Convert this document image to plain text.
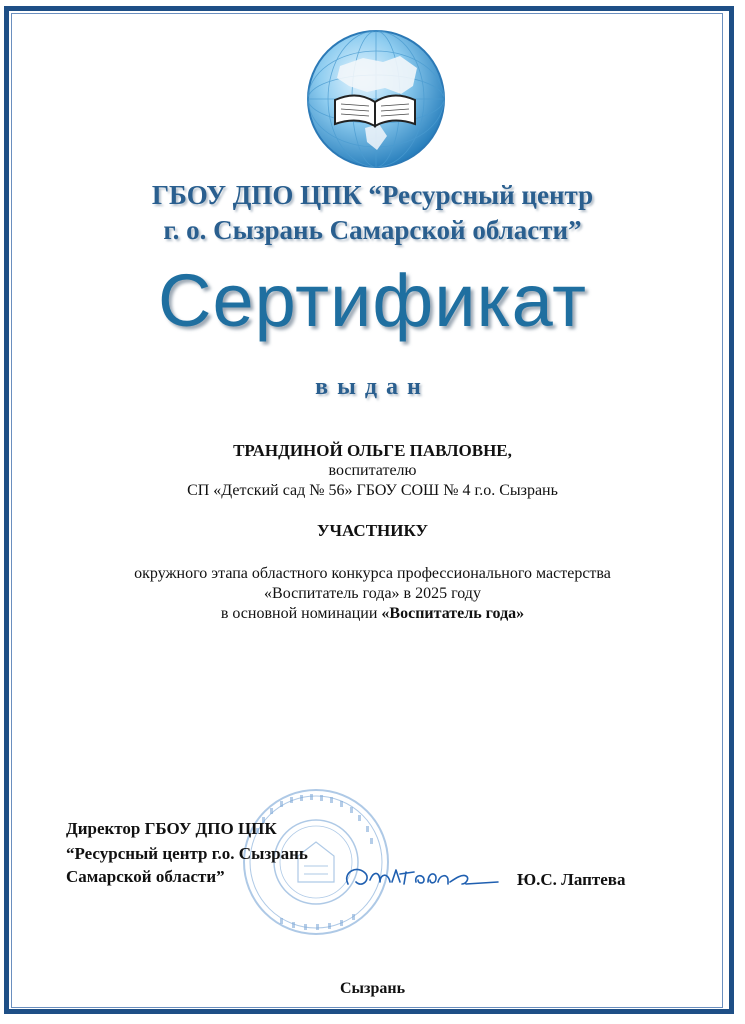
ГБОУ ДПО ЦПК “Ресурсный центр
г. о. Сызрань Самарской области”
Сертификат
выдан
ТРАНДИНОЙ ОЛЬГЕ ПАВЛОВНЕ,
воспитателю
СП «Детский сад № 56» ГБОУ СОШ № 4 г.о. Сызрань
УЧАСТНИКУ
окружного этапа областного конкурса профессионального мастерства
«Воспитатель года» в 2025 году
в основной номинации «Воспитатель года»
Директор ГБОУ ДПО ЦПК
“Ресурсный центр г.о. Сызрань
Самарской области”	Ю.С. Лаптева
Сызрань
